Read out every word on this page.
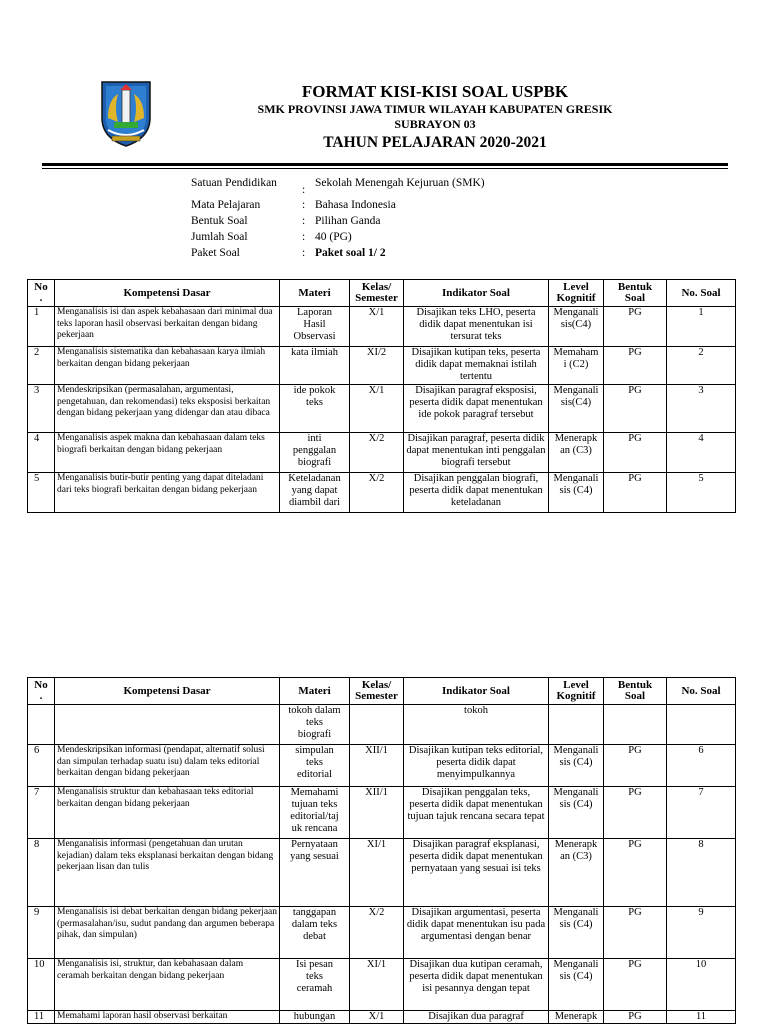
FORMAT KISI-KISI SOAL USPBK
SMK PROVINSI JAWA TIMUR WILAYAH KABUPATEN GRESIK
SUBRAYON 03
TAHUN PELAJARAN 2020-2021
Satuan Pendidikan
:
Sekolah Menengah Kejuruan (SMK)
Mata Pelajaran	: Bahasa Indonesia
Bentuk Soal	: Pilihan Ganda
Jumlah Soal	: 40 (PG)
Paket Soal	: Paket soal 1/ 2
No
.	Kompetensi Dasar	Materi	Kelas/
Semester	Indikator Soal	Level
Kognitif	Bentuk
Soal	No. Soal
1	Menganalisis isi dan aspek kebahasaan dari minimal dua teks laporan hasil observasi berkaitan dengan bidang pekerjaan	Laporan
Hasil
Observasi	X/1	Disajikan teks LHO, peserta didik dapat menentukan isi tersurat teks	Menganali
sis(C4)	PG	1
2	Menganalisis sistematika dan kebahasaan karya ilmiah berkaitan dengan bidang pekerjaan	kata ilmiah	XI/2	Disajikan kutipan teks, peserta didik dapat memaknai istilah tertentu	Memaham
i (C2)	PG	2
3	Mendeskripsikan (permasalahan, argumentasi, pengetahuan, dan rekomendasi) teks eksposisi berkaitan dengan bidang pekerjaan yang didengar dan atau dibaca	ide pokok
teks	X/1	Disajikan paragraf eksposisi, peserta didik dapat menentukan ide pokok paragraf tersebut	Menganali
sis(C4)	PG	3
4	Menganalisis aspek makna dan kebahasaan dalam teks biografi berkaitan dengan bidang pekerjaan	inti
penggalan
biografi	X/2	Disajikan paragraf, peserta didik dapat menentukan inti penggalan biografi tersebut	Menerapk
an (C3)	PG	4
5	Menganalisis butir-butir penting yang dapat diteladani dari teks biografi berkaitan dengan bidang pekerjaan	Keteladanan
yang dapat
diambil dari	X/2	Disajikan penggalan biografi, peserta didik dapat menentukan keteladanan	Menganali
sis (C4)	PG	5
No
.	Kompetensi Dasar	Materi	Kelas/
Semester	Indikator Soal	Level
Kognitif	Bentuk
Soal	No. Soal
		tokoh dalam
teks
biografi		tokoh			
6	Mendeskripsikan informasi (pendapat, alternatif solusi dan simpulan terhadap suatu isu) dalam teks editorial berkaitan dengan bidang pekerjaan	simpulan
teks
editorial	XII/1	Disajikan kutipan teks editorial, peserta didik dapat menyimpulkannya	Menganali
sis (C4)	PG	6
7	Menganalisis struktur dan kebahasaan teks editorial berkaitan dengan bidang pekerjaan	Memahami
tujuan teks
editorial/taj
uk rencana	XII/1	Disajikan penggalan teks, peserta didik dapat menentukan tujuan tajuk rencana secara tepat	Menganali
sis (C4)	PG	7
8	Menganalisis informasi (pengetahuan dan urutan kejadian) dalam teks eksplanasi berkaitan dengan bidang pekerjaan lisan dan tulis	Pernyataan
yang sesuai	XI/1	Disajikan paragraf eksplanasi, peserta didik dapat menentukan pernyataan yang sesuai isi teks	Menerapk
an (C3)	PG	8
9	Menganalisis isi debat berkaitan dengan bidang pekerjaan (permasalahan/isu, sudut pandang dan argumen beberapa pihak, dan simpulan)	tanggapan
dalam teks
debat	X/2	Disajikan argumentasi, peserta didik dapat menentukan isu pada argumentasi dengan benar	Menganali
sis (C4)	PG	9
10	Menganalisis isi, struktur, dan kebahasaan dalam ceramah berkaitan dengan bidang pekerjaan	Isi pesan
teks
ceramah	XI/1	Disajikan dua kutipan ceramah, peserta didik dapat menentukan isi pesannya dengan tepat	Menganali
sis (C4)	PG	10
11	Memahami laporan hasil observasi berkaitan	hubungan	X/1	Disajikan dua paragraf	Menerapk	PG	11
